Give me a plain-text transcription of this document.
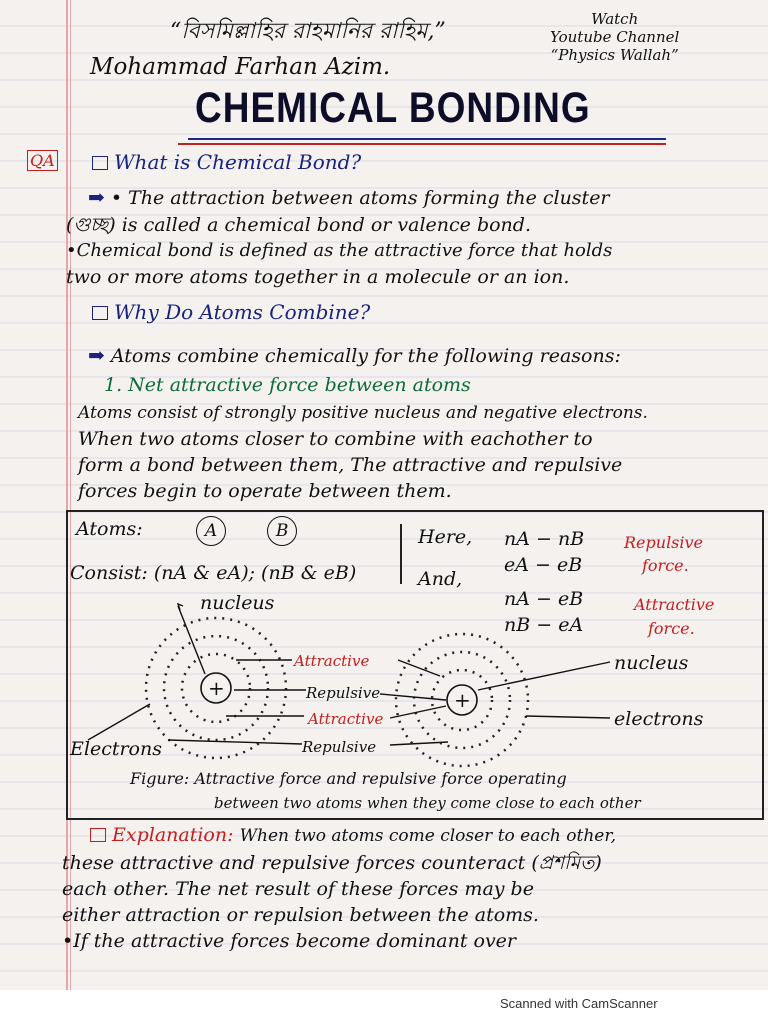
“বিসমিল্লাহির রাহমানির রাহিম,”
Mohammad Farhan Azim.
Watch
Youtube Channel
“Physics Wallah”
CHEMICAL BONDING
QA	What is Chemical Bond?
➡ • The attraction between atoms forming the cluster
(গুচ্ছ) is called a chemical bond or valence bond.
•Chemical bond is defined as the attractive force that holds
two or more atoms together in a molecule or an ion.
Why Do Atoms Combine?
➡ Atoms combine chemically for the following reasons:
1. Net attractive force between atoms
Atoms consist of strongly positive nucleus and negative electrons.
When two atoms closer to combine with eachother to
form a bond between them, The attractive and repulsive
forces begin to operate between them.
Atoms:	A	B
Consist: (nA & eA); (nB & eB)
Here,
And,
nA − nB
eA − eB
Repulsive
force.
nA − eB
nB − eA
Attractive
force.
+	+
nucleus
nucleus
Electrons
electrons
Attractive
Repulsive
Attractive
Repulsive
Figure: Attractive force and repulsive force operating
between two atoms when they come close to each other
Explanation: When two atoms come closer to each other,
these attractive and repulsive forces counteract (প্রশমিত)
each other. The net result of these forces may be
either attraction or repulsion between the atoms.
•If the attractive forces become dominant over
Scanned with CamScanner
